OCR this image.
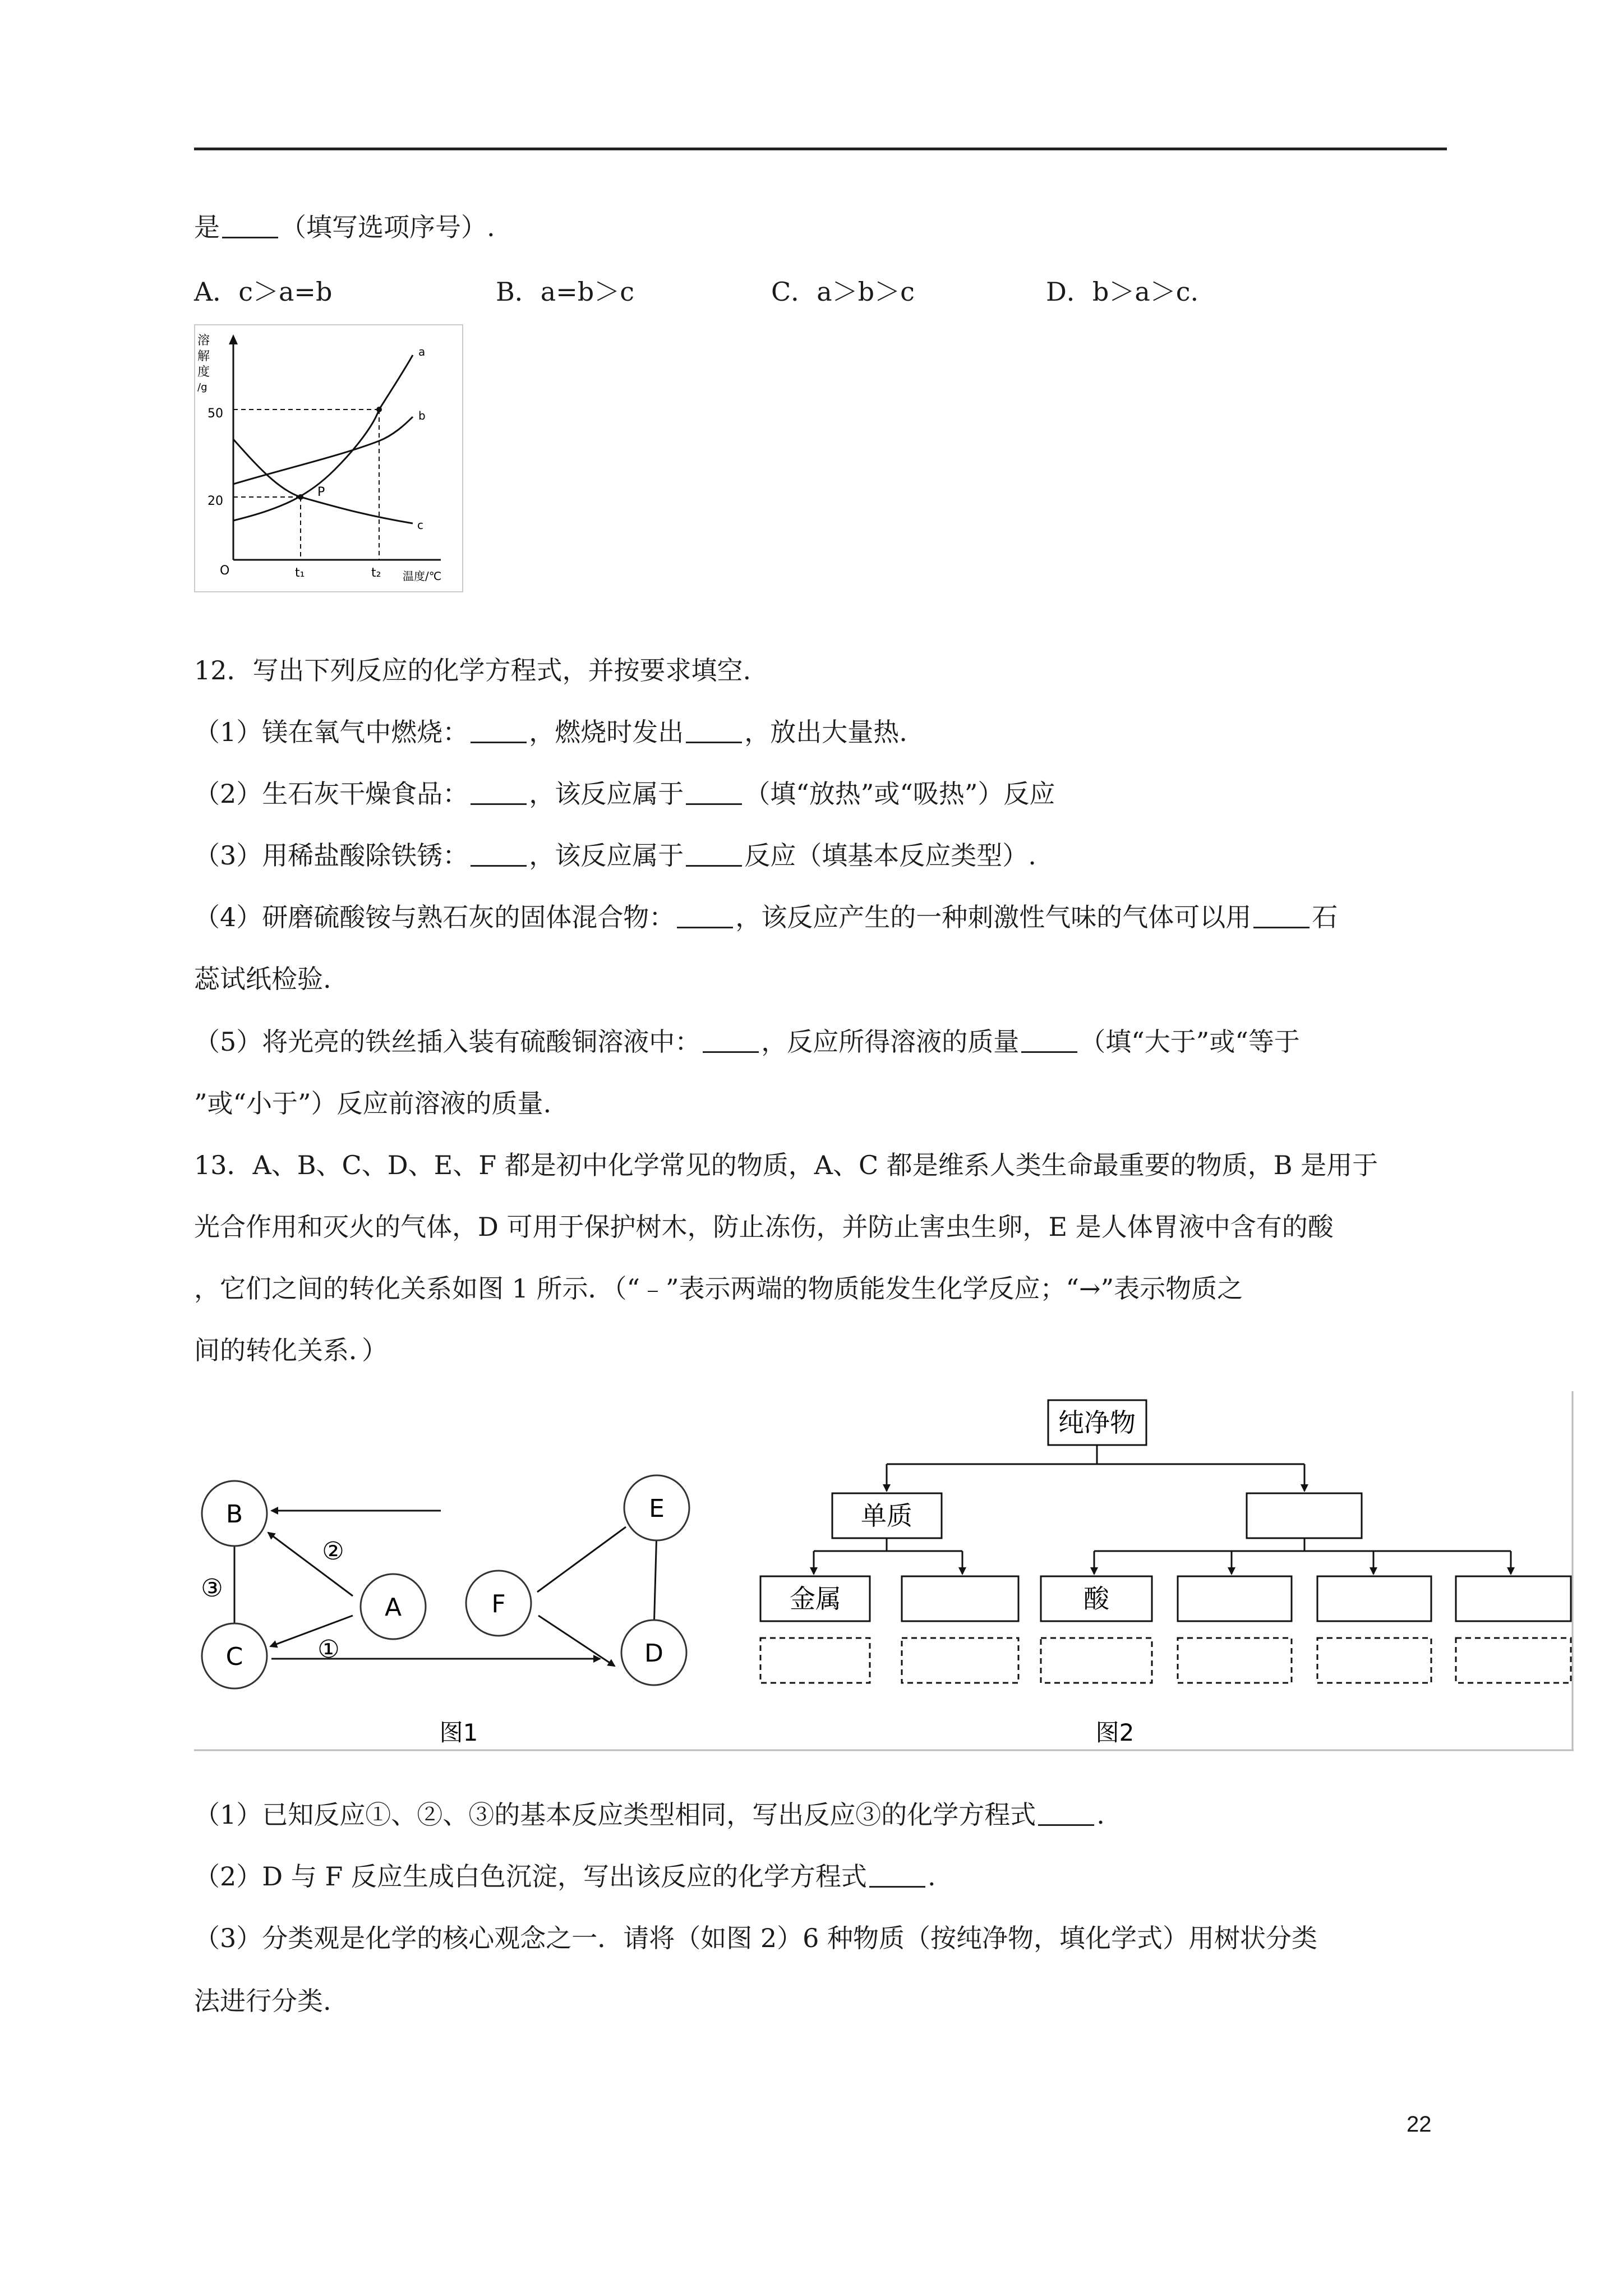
是 （填写选项序号）.
A．c＞a=b	B．a=b＞c	C．a＞b＞c	D．b＞a＞c.
溶
解
度
/g
50
20
O	t₁	t₂ 温度/℃
a
b
c
P
12．写出下列反应的化学方程式，并按要求填空.
（1）镁在氧气中燃烧： ，燃烧时发出 ，放出大量热.
（2）生石灰干燥食品： ，该反应属于 （填“放热”或“吸热”）反应
（3）用稀盐酸除铁锈： ，该反应属于 反应（填基本反应类型）.
（4）研磨硫酸铵与熟石灰的固体混合物： ，该反应产生的一种刺激性气味的气体可以用 石
蕊试纸检验.
（5）将光亮的铁丝插入装有硫酸铜溶液中： ，反应所得溶液的质量 （填“大于”或“等于
”或“小于”）反应前溶液的质量.
13．A、B、C、D、E、F 都是初中化学常见的物质，A、C 都是维系人类生命最重要的物质，B 是用于
光合作用和灭火的气体，D 可用于保护树木，防止冻伤，并防止害虫生卵，E 是人体胃液中含有的酸
，它们之间的转化关系如图 1 所示．（“﹣”表示两端的物质能发生化学反应；“→”表示物质之
间的转化关系．）
B
A
C
E
F
D
②
③
①
图1
纯净物
单质
金属	酸
图2
（1）已知反应①、②、③的基本反应类型相同，写出反应③的化学方程式 .
（2）D 与 F 反应生成白色沉淀，写出该反应的化学方程式 .
（3）分类观是化学的核心观念之一．请将（如图 2）6 种物质（按纯净物，填化学式）用树状分类
法进行分类.
22
